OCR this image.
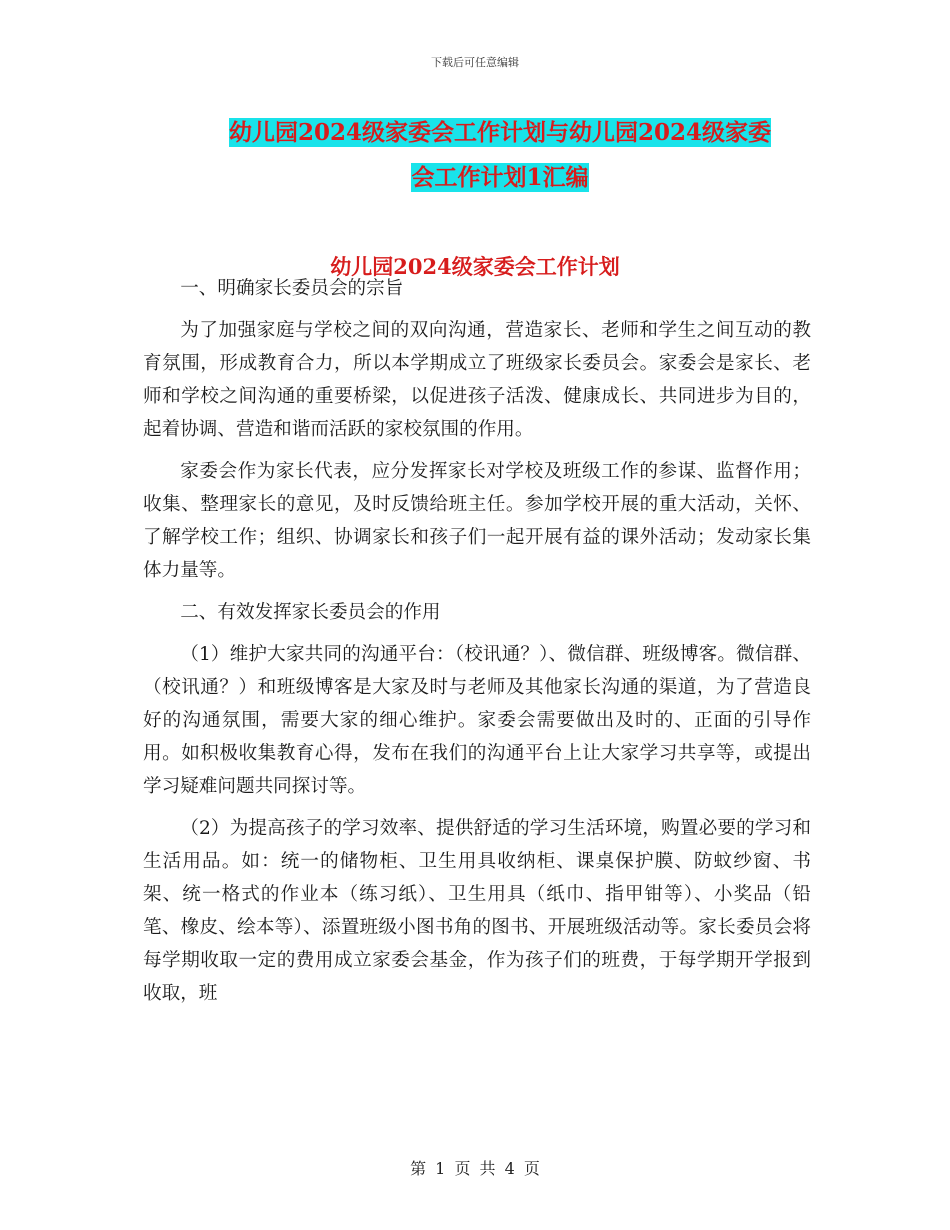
下载后可任意编辑
幼儿园2024级家委会工作计划与幼儿园2024级家委
会工作计划1汇编
幼儿园2024级家委会工作计划

一、明确家长委员会的宗旨

为了加强家庭与学校之间的双向沟通，营造家长、老师和学生之间互动的教育氛围，形成教育合力，所以本学期成立了班级家长委员会。家委会是家长、老师和学校之间沟通的重要桥梁，以促进孩子活泼、健康成长、共同进步为目的，起着协调、营造和谐而活跃的家校氛围的作用。

家委会作为家长代表，应分发挥家长对学校及班级工作的参谋、监督作用；收集、整理家长的意见，及时反馈给班主任。参加学校开展的重大活动，关怀、了解学校工作；组织、协调家长和孩子们一起开展有益的课外活动；发动家长集体力量等。

二、有效发挥家长委员会的作用

（1）维护大家共同的沟通平台：（校讯通？）、微信群、班级博客。微信群、（校讯通？）和班级博客是大家及时与老师及其他家长沟通的渠道，为了营造良好的沟通氛围，需要大家的细心维护。家委会需要做出及时的、正面的引导作用。如积极收集教育心得，发布在我们的沟通平台上让大家学习共享等，或提出学习疑难问题共同探讨等。

（2）为提高孩子的学习效率、提供舒适的学习生活环境，购置必要的学习和生活用品。如：统一的储物柜、卫生用具收纳柜、课桌保护膜、防蚊纱窗、书架、统一格式的作业本（练习纸）、卫生用具（纸巾、指甲钳等）、小奖品（铅笔、橡皮、绘本等）、添置班级小图书角的图书、开展班级活动等。家长委员会将每学期收取一定的费用成立家委会基金，作为孩子们的班费，于每学期开学报到收取，班

第 1 页 共 4 页
